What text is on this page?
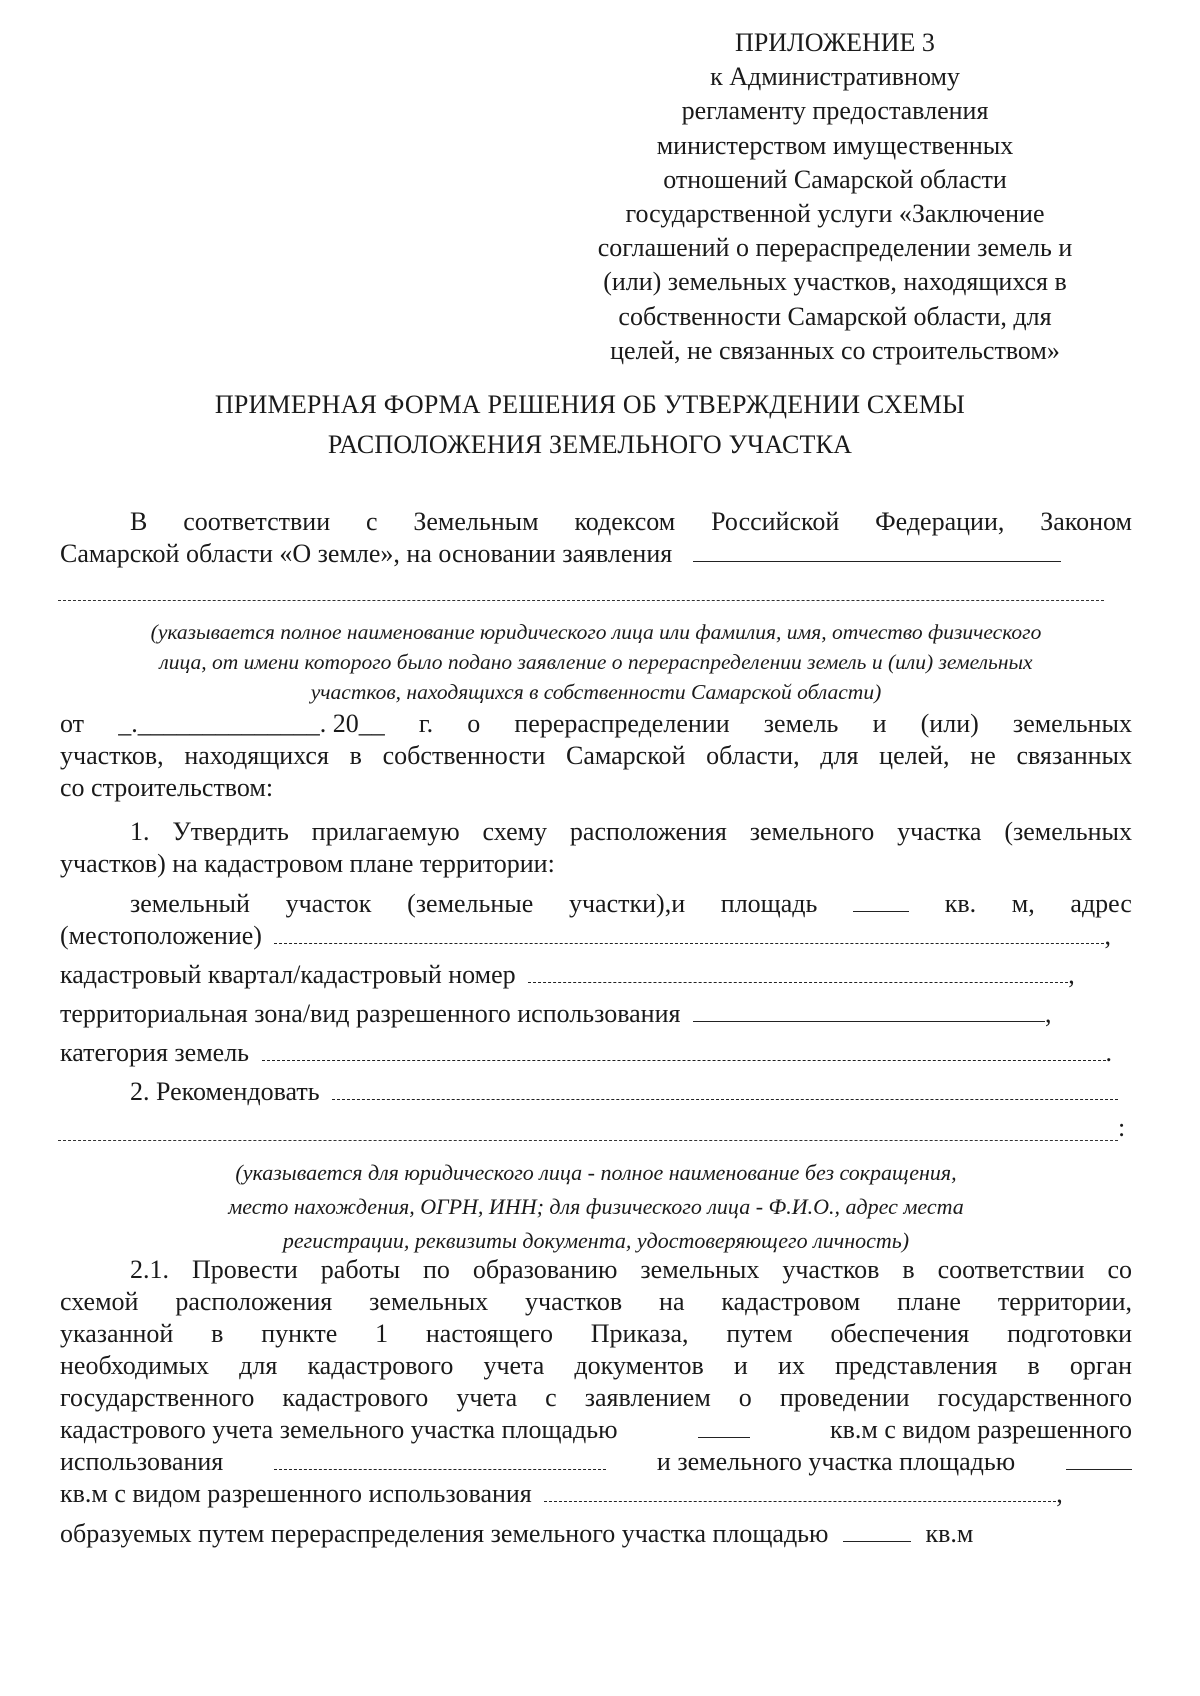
ПРИЛОЖЕНИЕ 3
к Административному
регламенту предоставления
министерством имущественных
отношений Самарской области
государственной услуги «Заключение
соглашений о перераспределении земель и
(или) земельных участков, находящихся в
собственности Самарской области, для
целей, не связанных со строительством»
ПРИМЕРНАЯ ФОРМА РЕШЕНИЯ ОБ УТВЕРЖДЕНИИ СХЕМЫ
РАСПОЛОЖЕНИЯ ЗЕМЕЛЬНОГО УЧАСТКА
В соответствии с Земельным кодексом Российской Федерации, Законом
Самарской области «О земле», на основании заявления
(указывается полное наименование юридического лица или фамилия, имя, отчество физического
лица, от имени которого было подано заявление о перераспределении земель и (или) земельных
участков, находящихся в собственности Самарской области)
от _.______________. 20__ г. о перераспределении земель и (или) земельных
участков, находящихся в собственности Самарской области, для целей, не связанных
со строительством:
1. Утвердить прилагаемую схему расположения земельного участка (земельных
участков) на кадастровом плане территории:
земельный участок (земельные участки),и площадь	кв. м, адрес
(местоположение)	,
кадастровый квартал/кадастровый номер	,
территориальная зона/вид разрешенного использования	,
категория земель	.
2. Рекомендовать
:
(указывается для юридического лица - полное наименование без сокращения,
место нахождения, ОГРН, ИНН; для физического лица - Ф.И.О., адрес места
регистрации, реквизиты документа, удостоверяющего личность)
2.1. Провести работы по образованию земельных участков в соответствии со
схемой расположения земельных участков на кадастровом плане территории,
указанной в пункте 1 настоящего Приказа, путем обеспечения подготовки
необходимых для кадастрового учета документов и их представления в орган
государственного кадастрового учета с заявлением о проведении государственного
кадастрового учета земельного участка площадью	кв.м с видом разрешенного
использования	и земельного участка площадью
кв.м с видом разрешенного использования	,
образуемых путем перераспределения земельного участка площадью	кв.м
